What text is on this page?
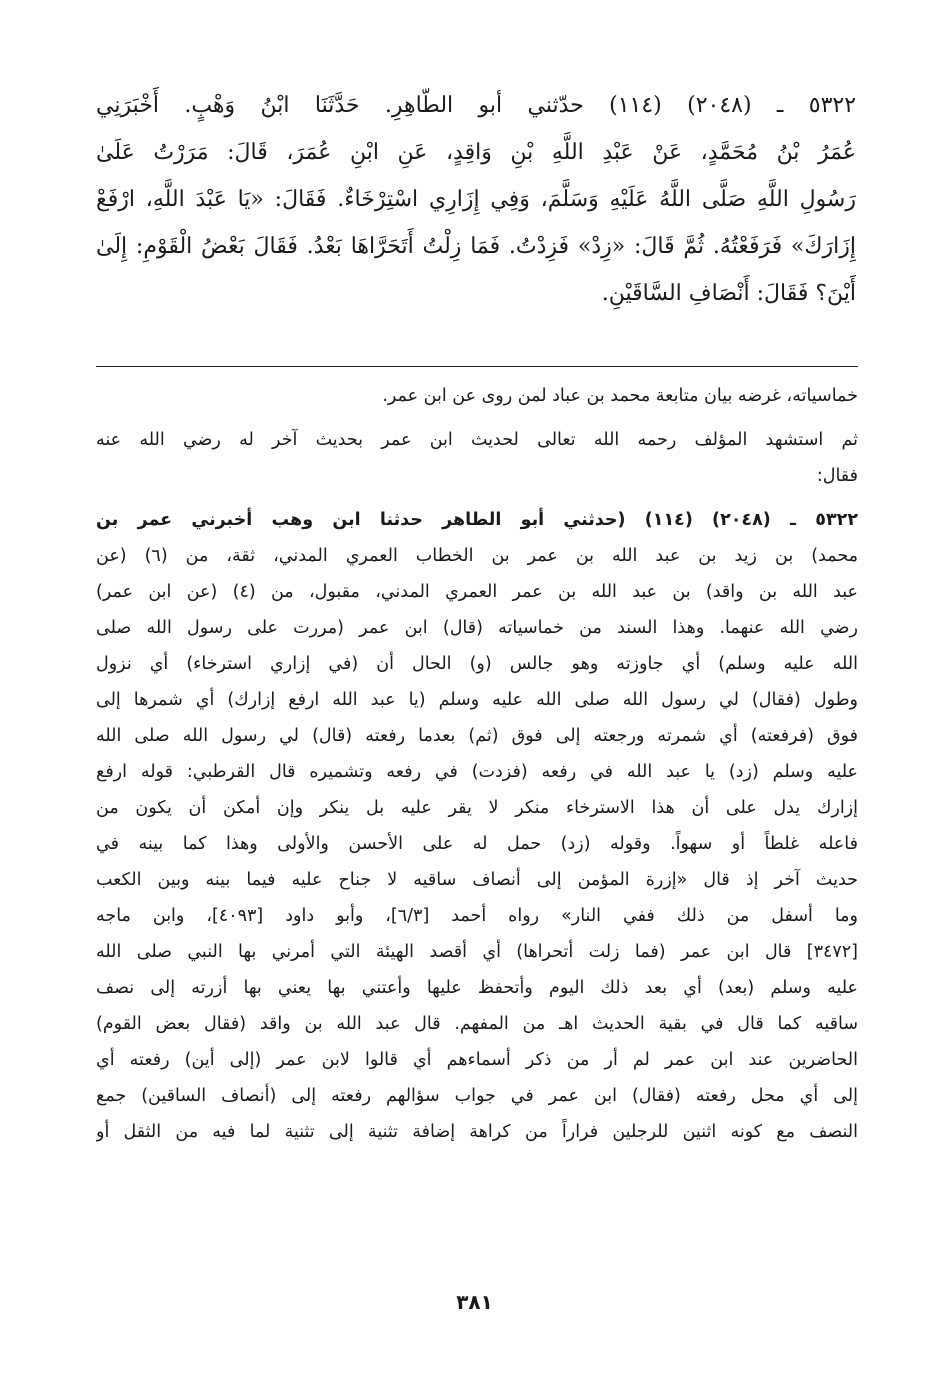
٥٣٢٢ ـ (٢٠٤٨) (١١٤) حدّثني أبو الطّاهِرِ. حَدَّثَنَا ابْنُ وَهْبٍ. أَخْبَرَنِي
عُمَرُ بْنُ مُحَمَّدٍ، عَنْ عَبْدِ اللَّهِ بْنِ وَاقِدٍ، عَنِ ابْنِ عُمَرَ، قَالَ: مَرَرْتُ عَلَىٰ
رَسُولِ اللَّهِ صَلَّى اللَّهُ عَلَيْهِ وَسَلَّمَ، وَفِي إِزَارِي اسْتِرْخَاءٌ. فَقَالَ: «يَا عَبْدَ اللَّهِ، ارْفَعْ
إِزَارَكَ» فَرَفَعْتُهُ. ثُمَّ قَالَ: «زِدْ» فَزِدْتُ. فَمَا زِلْتُ أَتَحَرَّاهَا بَعْدُ. فَقَالَ بَعْضُ الْقَوْمِ: إِلَىٰ
أَيْنَ؟ فَقَالَ: أَنْصَافِ السَّاقَيْنِ.
خماسياته، غرضه بيان متابعة محمد بن عباد لمن روى عن ابن عمر.
ثم استشهد المؤلف رحمه الله تعالى لحديث ابن عمر بحديث آخر له رضي الله عنه
فقال:
٥٣٢٢ ـ (٢٠٤٨) (١١٤) (حدثني أبو الطاهر حدثنا ابن وهب أخبرني عمر بن
محمد) بن زيد بن عبد الله بن عمر بن الخطاب العمري المدني، ثقة، من (٦) (عن
عبد الله بن واقد) بن عبد الله بن عمر العمري المدني، مقبول، من (٤) (عن ابن عمر)
رضي الله عنهما. وهذا السند من خماسياته (قال) ابن عمر (مررت على رسول الله صلى
الله عليه وسلم) أي جاوزته وهو جالس (و) الحال أن (في إزاري استرخاء) أي نزول
وطول (فقال) لي رسول الله صلى الله عليه وسلم (يا عبد الله ارفع إزارك) أي شمرها إلى
فوق (فرفعته) أي شمرته ورجعته إلى فوق (ثم) بعدما رفعته (قال) لي رسول الله صلى الله
عليه وسلم (زد) يا عبد الله في رفعه (فزدت) في رفعه وتشميره قال القرطبي: قوله ارفع
إزارك يدل على أن هذا الاسترخاء منكر لا يقر عليه بل ينكر وإن أمكن أن يكون من
فاعله غلطاً أو سهواً. وقوله (زد) حمل له على الأحسن والأولى وهذا كما بينه في
حديث آخر إذ قال «إزرة المؤمن إلى أنصاف ساقيه لا جناح عليه فيما بينه وبين الكعب
وما أسفل من ذلك ففي النار» رواه أحمد [٦/٣]، وأبو داود [٤٠٩٣]، وابن ماجه
[٣٤٧٢] قال ابن عمر (فما زلت أتحراها) أي أقصد الهيئة التي أمرني بها النبي صلى الله
عليه وسلم (بعد) أي بعد ذلك اليوم وأتحفظ عليها وأعتني بها يعني بها أزرته إلى نصف
ساقيه كما قال في بقية الحديث اهـ من المفهم. قال عبد الله بن واقد (فقال بعض القوم)
الحاضرين عند ابن عمر لم أر من ذكر أسماءهم أي قالوا لابن عمر (إلى أين) رفعته أي
إلى أي محل رفعته (فقال) ابن عمر في جواب سؤالهم رفعته إلى (أنصاف الساقين) جمع
النصف مع كونه اثنين للرجلين فراراً من كراهة إضافة تثنية إلى تثنية لما فيه من الثقل أو
٣٨١
